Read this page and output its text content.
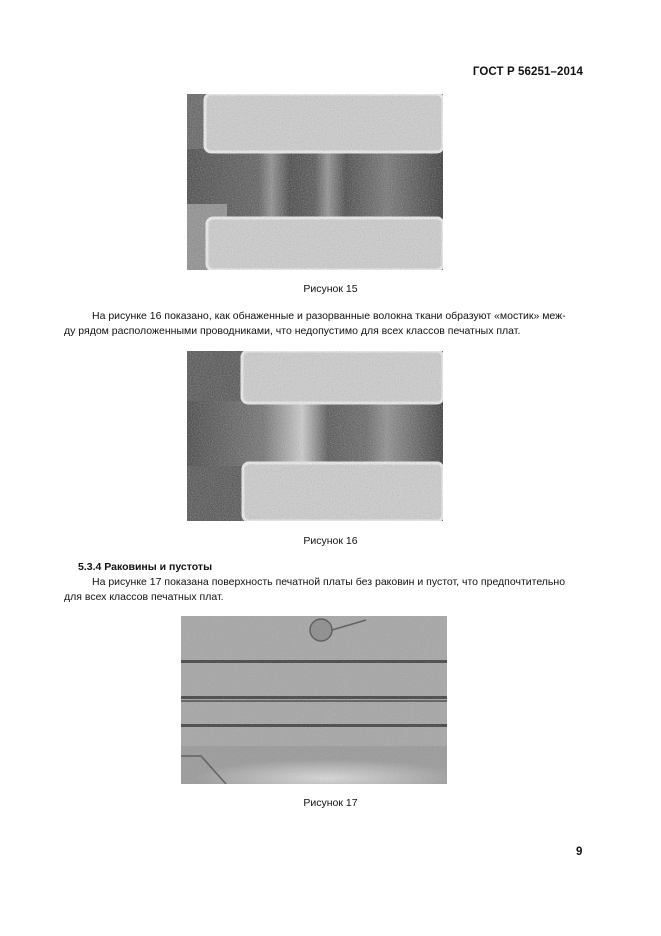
ГОСТ Р 56251–2014
Рисунок 15

На рисунке 16 показано, как обнаженные и разорванные волокна ткани образуют «мостик» меж-

ду рядом расположенными проводниками, что недопустимо для всех классов печатных плат.

Рисунок 16
5.3.4 Раковины и пустоты

На рисунке 17 показана поверхность печатной платы без раковин и пустот, что предпочтительно

для всех классов печатных плат.

Рисунок 17
9
